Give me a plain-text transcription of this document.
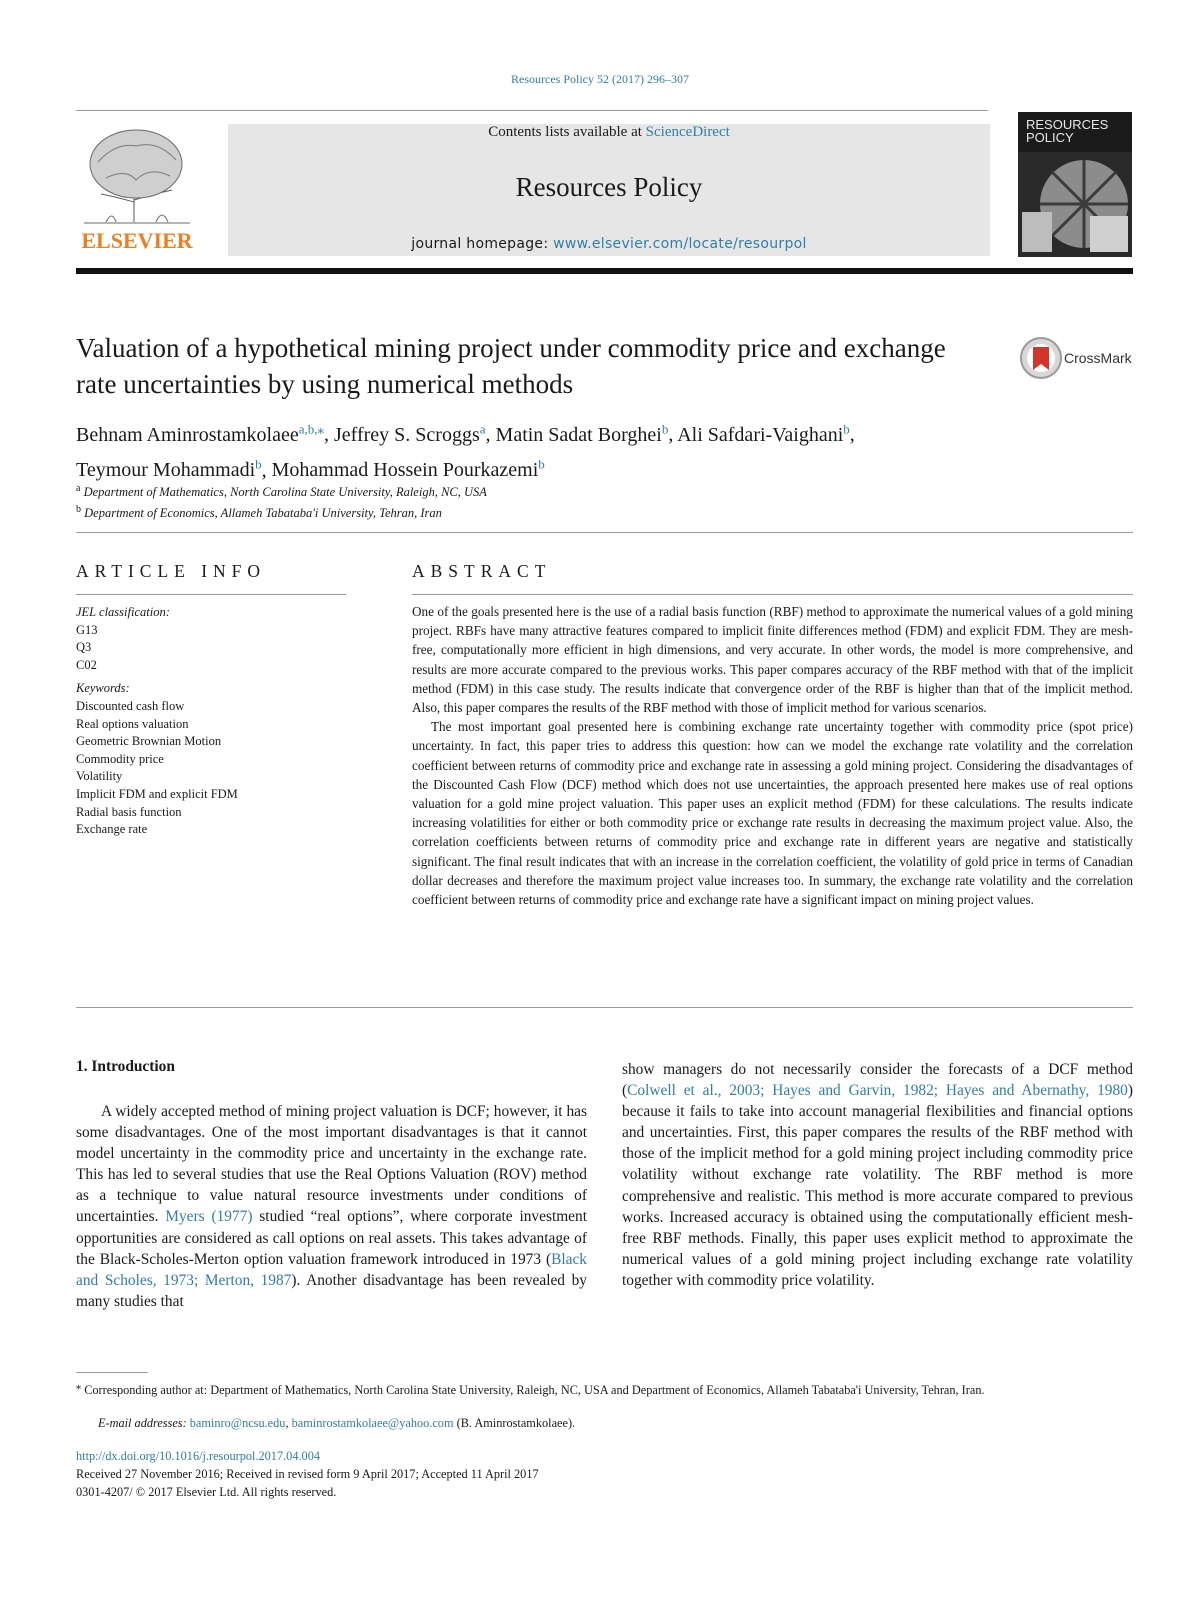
Resources Policy 52 (2017) 296–307
ELSEVIER
Contents lists available at ScienceDirect
Resources Policy
journal homepage: www.elsevier.com/locate/resourpol
RESOURCES
POLICY
Valuation of a hypothetical mining project under commodity price and exchange rate uncertainties by using numerical methods
CrossMark
Behnam Aminrostamkolaee$^{a,b,⁎}$, Jeffrey S. Scroggs$^a$, Matin Sadat Borghei$^b$, Ali Safdari-Vaighani$^b$,
Teymour Mohammadi$^b$, Mohammad Hossein Pourkazemi$^b$
$^a$ Department of Mathematics, North Carolina State University, Raleigh, NC, USA
$^b$ Department of Economics, Allameh Tabataba'i University, Tehran, Iran
ARTICLE INFO	ABSTRACT
JEL classification:
G13
Q3
C02
Keywords:
Discounted cash flow
Real options valuation
Geometric Brownian Motion
Commodity price
Volatility
Implicit FDM and explicit FDM
Radial basis function
Exchange rate

One of the goals presented here is the use of a radial basis function (RBF) method to approximate the numerical values of a gold mining project. RBFs have many attractive features compared to implicit finite differences method (FDM) and explicit FDM. They are mesh-free, computationally more efficient in high dimensions, and very accurate. In other words, the model is more comprehensive, and results are more accurate compared to the previous works. This paper compares accuracy of the RBF method with that of the implicit method (FDM) in this case study. The results indicate that convergence order of the RBF is higher than that of the implicit method. Also, this paper compares the results of the RBF method with those of implicit method for various scenarios.

The most important goal presented here is combining exchange rate uncertainty together with commodity price (spot price) uncertainty. In fact, this paper tries to address this question: how can we model the exchange rate volatility and the correlation coefficient between returns of commodity price and exchange rate in assessing a gold mining project. Considering the disadvantages of the Discounted Cash Flow (DCF) method which does not use uncertainties, the approach presented here makes use of real options valuation for a gold mine project valuation. This paper uses an explicit method (FDM) for these calculations. The results indicate increasing volatilities for either or both commodity price or exchange rate results in decreasing the maximum project value. Also, the correlation coefficients between returns of commodity price and exchange rate in different years are negative and statistically significant. The final result indicates that with an increase in the correlation coefficient, the volatility of gold price in terms of Canadian dollar decreases and therefore the maximum project value increases too. In summary, the exchange rate volatility and the correlation coefficient between returns of commodity price and exchange rate have a significant impact on mining project values.

1. Introduction

A widely accepted method of mining project valuation is DCF; however, it has some disadvantages. One of the most important disadvantages is that it cannot model uncertainty in the commodity price and uncertainty in the exchange rate. This has led to several studies that use the Real Options Valuation (ROV) method as a technique to value natural resource investments under conditions of uncertainties. Myers (1977) studied “real options”, where corporate investment opportunities are considered as call options on real assets. This takes advantage of the Black-Scholes-Merton option valuation framework introduced in 1973 (Black and Scholes, 1973; Merton, 1987). Another disadvantage has been revealed by many studies that

show managers do not necessarily consider the forecasts of a DCF method (Colwell et al., 2003; Hayes and Garvin, 1982; Hayes and Abernathy, 1980) because it fails to take into account managerial flexibilities and financial options and uncertainties. First, this paper compares the results of the RBF method with those of the implicit method for a gold mining project including commodity price volatility without exchange rate volatility. The RBF method is more comprehensive and realistic. This method is more accurate compared to previous works. Increased accuracy is obtained using the computationally efficient mesh-free RBF methods. Finally, this paper uses explicit method to approximate the numerical values of a gold mining project including exchange rate volatility together with commodity price volatility.

⁎ Corresponding author at: Department of Mathematics, North Carolina State University, Raleigh, NC, USA and Department of Economics, Allameh Tabataba'i University, Tehran, Iran.
E-mail addresses: baminro@ncsu.edu, baminrostamkolaee@yahoo.com (B. Aminrostamkolaee).
http://dx.doi.org/10.1016/j.resourpol.2017.04.004
Received 27 November 2016; Received in revised form 9 April 2017; Accepted 11 April 2017
0301-4207/ © 2017 Elsevier Ltd. All rights reserved.
